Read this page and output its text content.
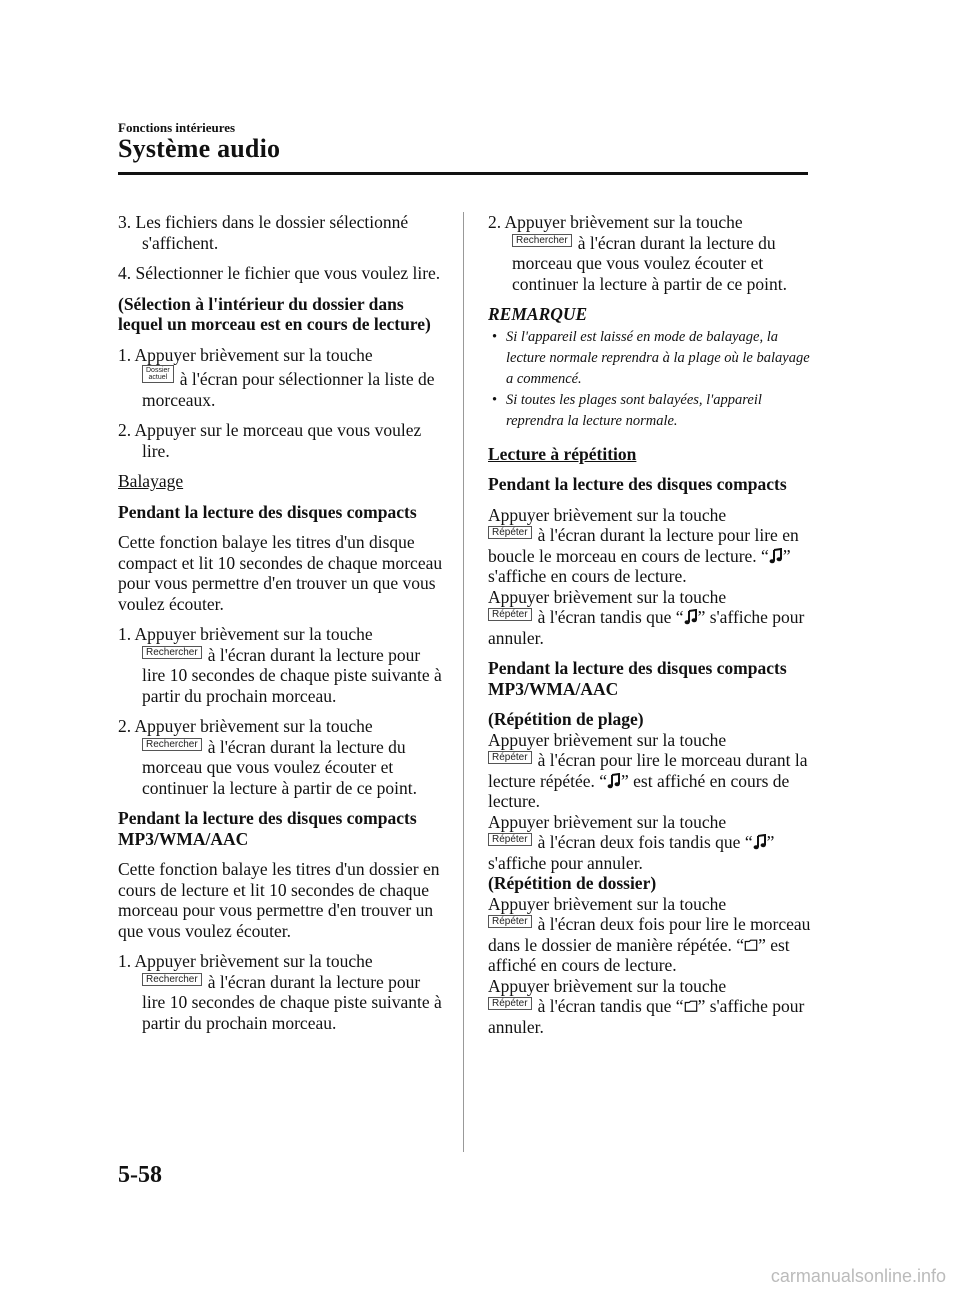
Fonctions intérieures
Système audio

3. Les fichiers dans le dossier sélectionné s'affichent.

4. Sélectionner le fichier que vous voulez lire.

(Sélection à l'intérieur du dossier dans lequel un morceau est en cours de lecture)

1. Appuyer brièvement sur la touche

Dossier
actuel à l'écran pour sélectionner la liste de morceaux.

2. Appuyer sur le morceau que vous voulez lire.

Balayage

Pendant la lecture des disques compacts

Cette fonction balaye les titres d'un disque compact et lit 10 secondes de chaque morceau pour vous permettre d'en trouver un que vous voulez écouter.

1. Appuyer brièvement sur la touche

Rechercher à l'écran durant la lecture pour lire 10 secondes de chaque piste suivante à partir du prochain morceau.

2. Appuyer brièvement sur la touche

Rechercher à l'écran durant la lecture du morceau que vous voulez écouter et continuer la lecture à partir de ce point.

Pendant la lecture des disques compacts MP3/WMA/AAC

Cette fonction balaye les titres d'un dossier en cours de lecture et lit 10 secondes de chaque morceau pour vous permettre d'en trouver un que vous voulez écouter.

1. Appuyer brièvement sur la touche

Rechercher à l'écran durant la lecture pour lire 10 secondes de chaque piste suivante à partir du prochain morceau.

2. Appuyer brièvement sur la touche

Rechercher à l'écran durant la lecture du morceau que vous voulez écouter et continuer la lecture à partir de ce point.

REMARQUE

• Si l'appareil est laissé en mode de balayage, la lecture normale reprendra à la plage où le balayage a commencé.

• Si toutes les plages sont balayées, l'appareil reprendra la lecture normale.

Lecture à répétition

Pendant la lecture des disques compacts

Appuyer brièvement sur la touche
Répéter à l'écran durant la lecture pour lire en boucle le morceau en cours de lecture. “ ” s'affiche en cours de lecture.

Appuyer brièvement sur la touche
Répéter à l'écran tandis que “ ” s'affiche pour annuler.

Pendant la lecture des disques compacts MP3/WMA/AAC

(Répétition de plage)

Appuyer brièvement sur la touche
Répéter à l'écran pour lire le morceau durant la lecture répétée. “ ” est affiché en cours de lecture.

Appuyer brièvement sur la touche
Répéter à l'écran deux fois tandis que “ ” s'affiche pour annuler.

(Répétition de dossier)

Appuyer brièvement sur la touche
Répéter à l'écran deux fois pour lire le morceau dans le dossier de manière répétée. “ ” est affiché en cours de lecture.

Appuyer brièvement sur la touche
Répéter à l'écran tandis que “ ” s'affiche pour annuler.

5-58
carmanualsonline.info
